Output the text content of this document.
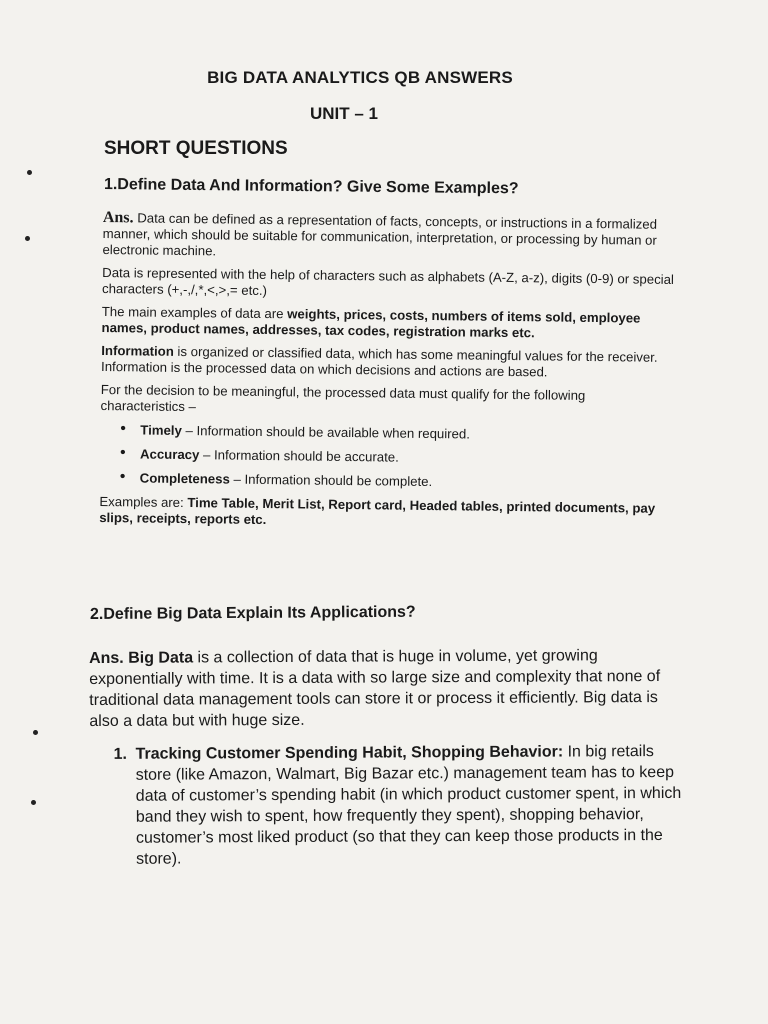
BIG DATA ANALYTICS QB ANSWERS
UNIT – 1
SHORT QUESTIONS
1.Define Data And Information? Give Some Examples?

Ans. Data can be defined as a representation of facts, concepts, or instructions in a formalized manner, which should be suitable for communication, interpretation, or processing by human or electronic machine.

Data is represented with the help of characters such as alphabets (A-Z, a-z), digits (0-9) or special characters (+,-,/,*,<,>,= etc.)

The main examples of data are weights, prices, costs, numbers of items sold, employee names, product names, addresses, tax codes, registration marks etc.

Information is organized or classified data, which has some meaningful values for the receiver. Information is the processed data on which decisions and actions are based.

For the decision to be meaningful, the processed data must qualify for the following characteristics –

• Timely – Information should be available when required.
• Accuracy – Information should be accurate.
• Completeness – Information should be complete.

Examples are: Time Table, Merit List, Report card, Headed tables, printed documents, pay slips, receipts, reports etc.

2.Define Big Data Explain Its Applications?

Ans. Big Data is a collection of data that is huge in volume, yet growing exponentially with time. It is a data with so large size and complexity that none of traditional data management tools can store it or process it efficiently. Big data is also a data but with huge size.

1. Tracking Customer Spending Habit, Shopping Behavior: In big retails store (like Amazon, Walmart, Big Bazar etc.) management team has to keep data of customer’s spending habit (in which product customer spent, in which band they wish to spent, how frequently they spent), shopping behavior, customer’s most liked product (so that they can keep those products in the store).
